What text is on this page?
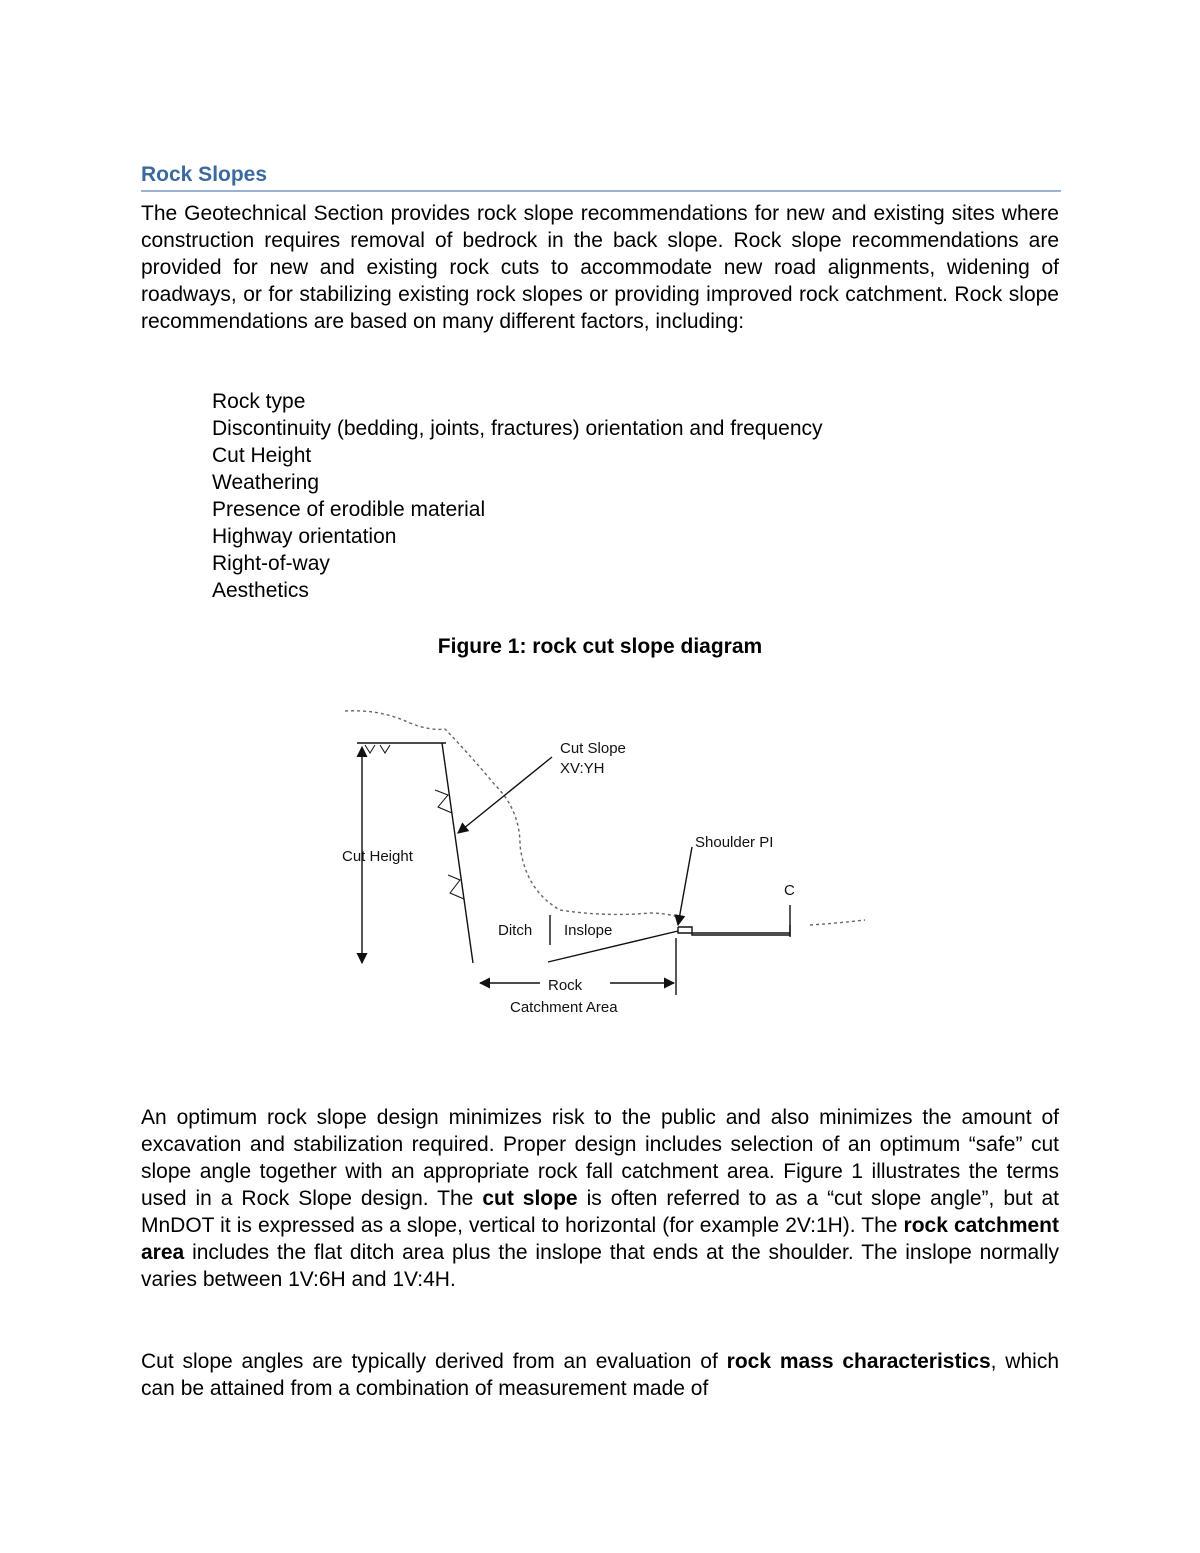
Rock Slopes

The Geotechnical Section provides rock slope recommendations for new and existing sites where construction requires removal of bedrock in the back slope. Rock slope recommendations are provided for new and existing rock cuts to accommodate new road alignments, widening of roadways, or for stabilizing existing rock slopes or providing improved rock catchment. Rock slope recommendations are based on many different factors, including:

Rock type
Discontinuity (bedding, joints, fractures) orientation and frequency
Cut Height
Weathering
Presence of erodible material
Highway orientation
Right-of-way
Aesthetics
Figure 1: rock cut slope diagram
Cut Slope
XV:YH
Cut Height
Shoulder PI
C
Ditch Inslope
Rock
Catchment Area

An optimum rock slope design minimizes risk to the public and also minimizes the amount of excavation and stabilization required. Proper design includes selection of an optimum “safe” cut slope angle together with an appropriate rock fall catchment area. Figure 1 illustrates the terms used in a Rock Slope design. The cut slope is often referred to as a “cut slope angle”, but at MnDOT it is expressed as a slope, vertical to horizontal (for example 2V:1H). The rock catchment area includes the flat ditch area plus the inslope that ends at the shoulder. The inslope normally varies between 1V:6H and 1V:4H.

Cut slope angles are typically derived from an evaluation of rock mass characteristics, which can be attained from a combination of measurement made of
